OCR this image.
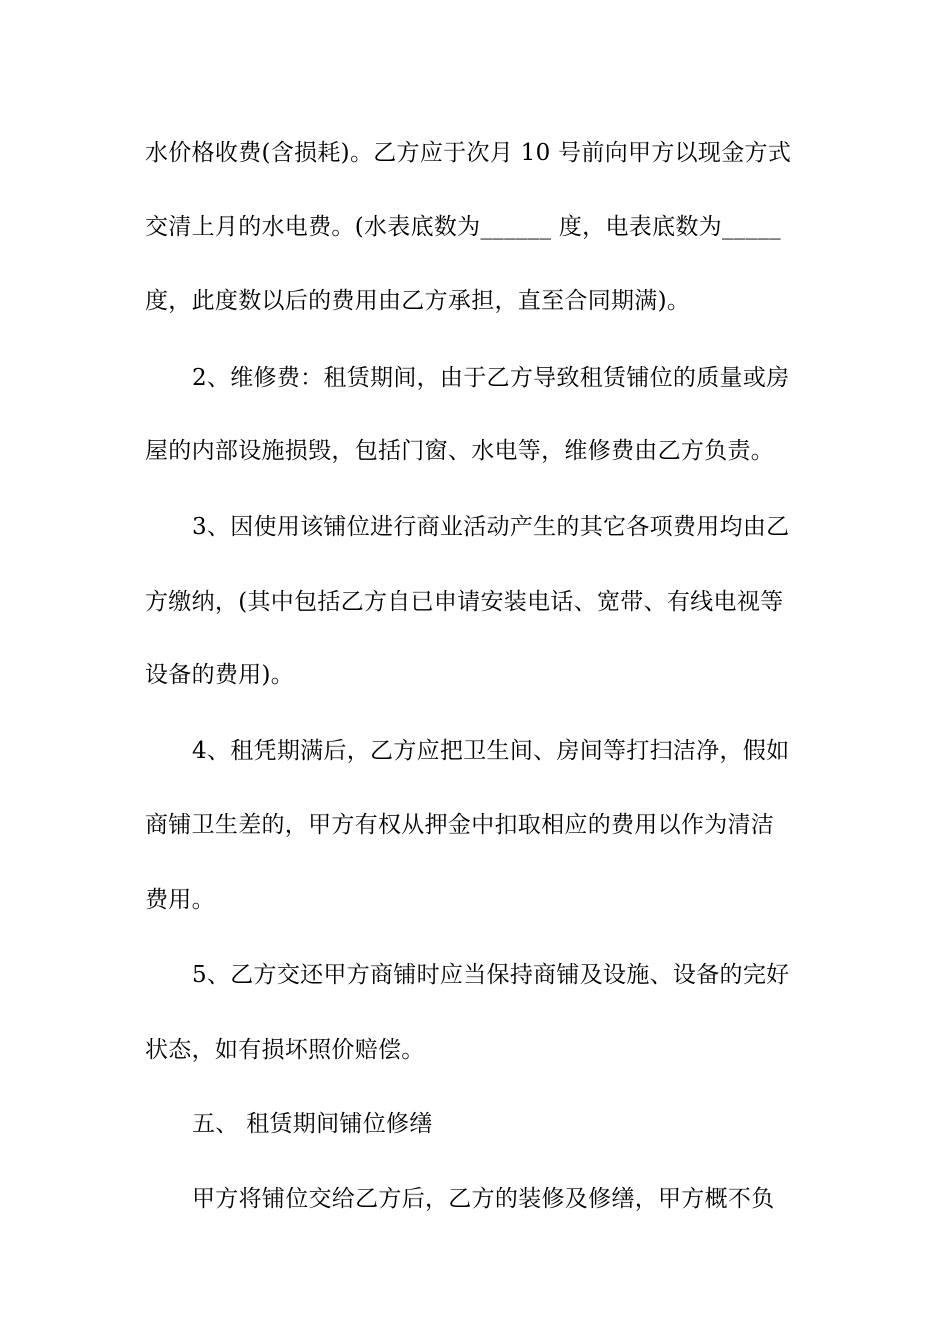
水价格收费(含损耗)。乙方应于次月 10 号前向甲方以现金方式
交清上月的水电费。(水表底数为______ 度，电表底数为_____
度，此度数以后的费用由乙方承担，直至合同期满)。
2、维修费：租赁期间，由于乙方导致租赁铺位的质量或房
屋的内部设施损毁，包括门窗、水电等，维修费由乙方负责。
3、因使用该铺位进行商业活动产生的其它各项费用均由乙
方缴纳，(其中包括乙方自已申请安装电话、宽带、有线电视等
设备的费用)。
4、租凭期满后，乙方应把卫生间、房间等打扫洁净，假如
商铺卫生差的，甲方有权从押金中扣取相应的费用以作为清洁
费用。
5、乙方交还甲方商铺时应当保持商铺及设施、设备的完好
状态，如有损坏照价赔偿。
五、 租赁期间铺位修缮
甲方将铺位交给乙方后，乙方的装修及修缮，甲方概不负
